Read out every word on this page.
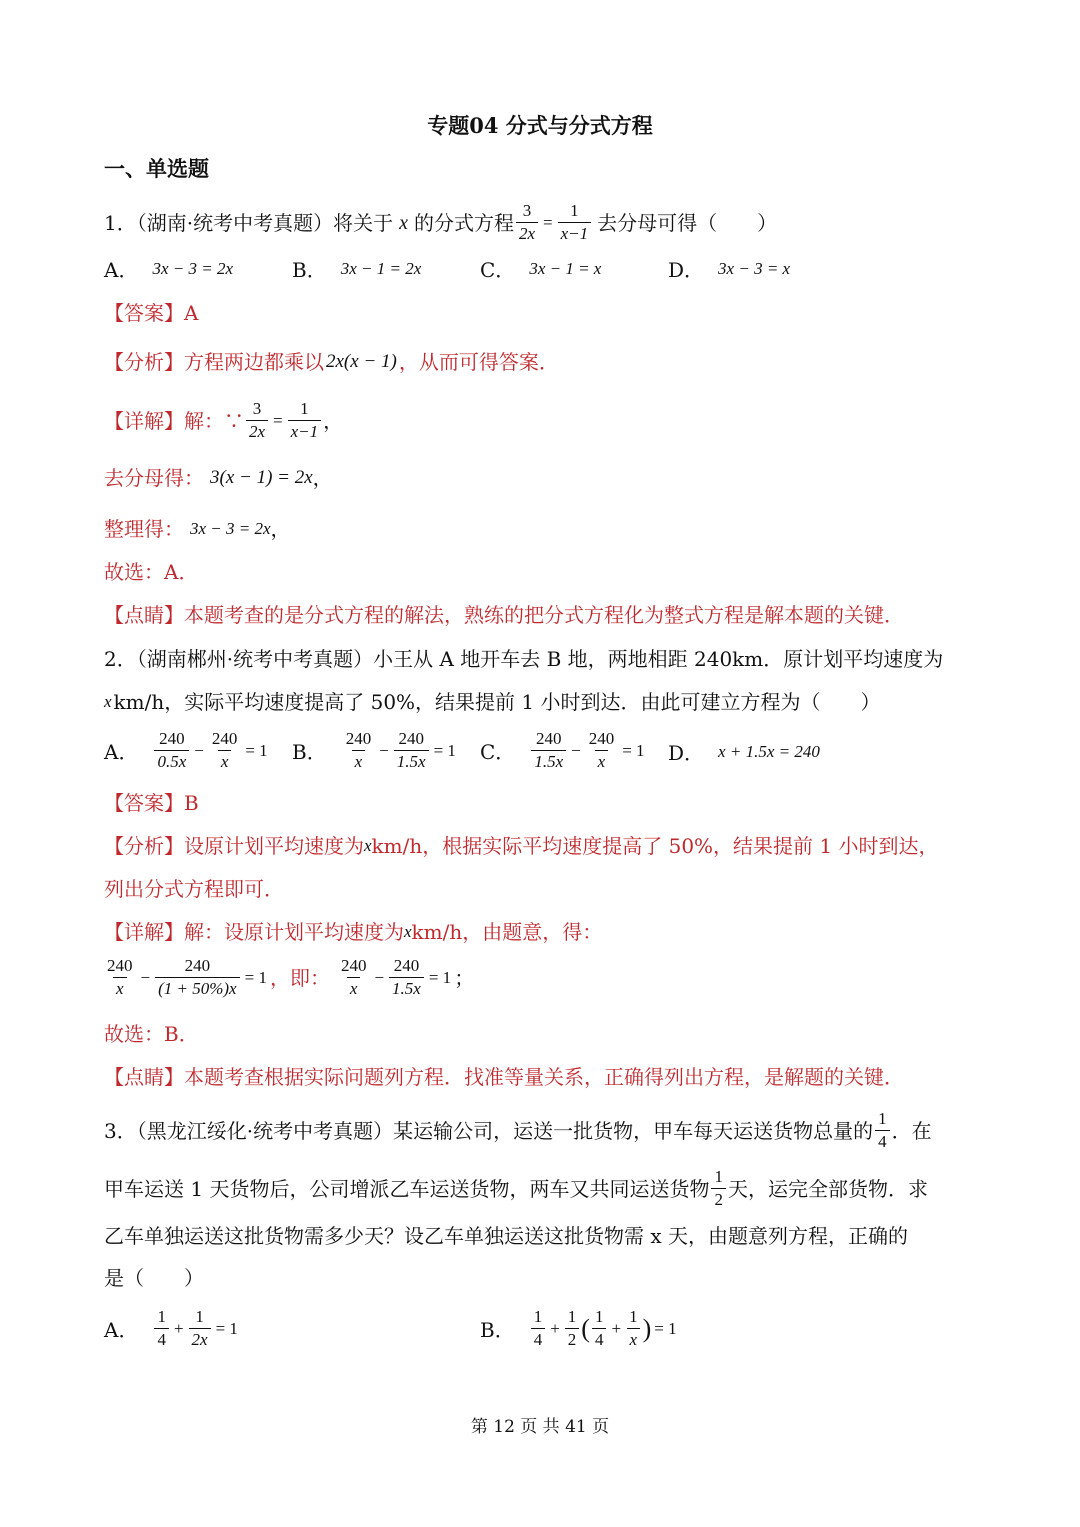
专题04 分式与分式方程
一、单选题
1．（湖南·统考中考真题）将关于 x 的分式方程 $\frac{3}{2x} = \frac{1}{x-1}$ 去分母可得（　　）
A． 3x − 3 = 2x	B． 3x − 1 = 2x	C． 3x − 1 = x	D． 3x − 3 = x
【答案】 A
【分析】 方程两边都乘以 2x(x − 1) ，从而可得答案．
【详解】 解：∵ $\frac{3}{2x} = \frac{1}{x-1}$ ，
去分母得： 3(x − 1) = 2x ，
整理得： 3x − 3 = 2x ，
故选：A．
【点睛】 本题考查的是分式方程的解法，熟练的把分式方程化为整式方程是解本题的关键．
2．（湖南郴州·统考中考真题）小王从 A 地开车去 B 地，两地相距 240km．原计划平均速度为
x km/h，实际平均速度提高了 50%，结果提前 1 小时到达．由此可建立方程为（　　）
A． $\frac{240}{0.5x} - \frac{240}{x} = 1$ B． $\frac{240}{x} - \frac{240}{1.5x} = 1$ C． $\frac{240}{1.5x} - \frac{240}{x} = 1$ D． x + 1.5x = 240
【答案】 B
【分析】 设原计划平均速度为 x km/h，根据实际平均速度提高了 50%，结果提前 1 小时到达，
列出分式方程即可．
【详解】 解：设原计划平均速度为 x km/h，由题意，得：
$\frac{240}{x} - \frac{240}{(1 + 50\%)x} = 1$ ，即： $\frac{240}{x} - \frac{240}{1.5x} = 1$ ；
故选：B．
【点睛】 本题考查根据实际问题列方程．找准等量关系，正确得列出方程，是解题的关键．
3．（黑龙江绥化·统考中考真题）某运输公司，运送一批货物，甲车每天运送货物总量的 $\frac{1}{4}$ ．在
甲车运送 1 天货物后，公司增派乙车运送货物，两车又共同运送货物 $\frac{1}{2}$ 天，运完全部货物．求
乙车单独运送这批货物需多少天？设乙车单独运送这批货物需 x 天，由题意列方程，正确的
是（　　）
A． $\frac{1}{4} + \frac{1}{2x} = 1$	B． $\frac{1}{4} + \frac{1}{2}$ ( $\frac{1}{4} + \frac{1}{x}$ ) = 1
第 12 页 共 41 页
